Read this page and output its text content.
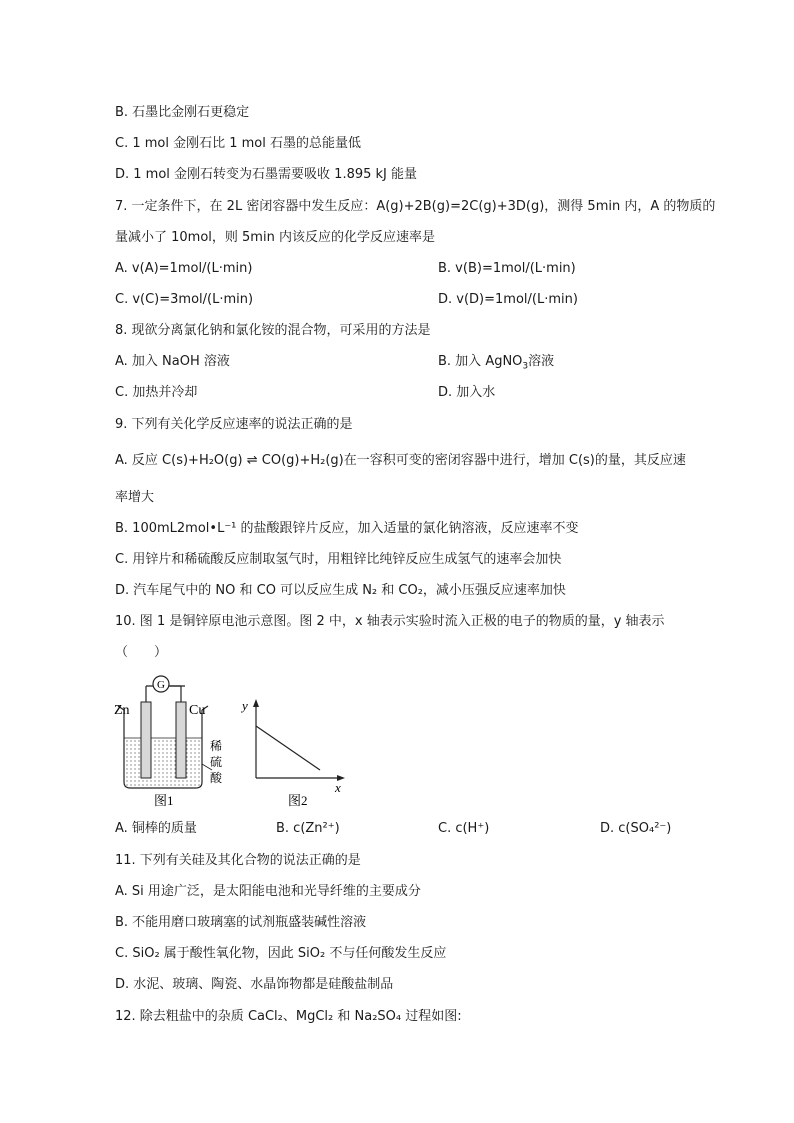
B. 石墨比金刚石更稳定
C. 1 mol 金刚石比 1 mol 石墨的总能量低
D. 1 mol 金刚石转变为石墨需要吸收 1.895 kJ 能量
7. 一定条件下，在 2L 密闭容器中发生反应：A(g)+2B(g)=2C(g)+3D(g)，测得 5min 内，A 的物质的
量减小了 10mol，则 5min 内该反应的化学反应速率是
A. v(A)=1mol/(L·min)	B. v(B)=1mol/(L·min)
C. v(C)=3mol/(L·min)	D. v(D)=1mol/(L·min)
8. 现欲分离氯化钠和氯化铵的混合物，可采用的方法是
A. 加入 NaOH 溶液	B. 加入 AgNO$_3$溶液
C. 加热并冷却	D. 加入水
9. 下列有关化学反应速率的说法正确的是
A. 反应 C(s)+H₂O(g) ⇌ CO(g)+H₂(g)在一容积可变的密闭容器中进行，增加 C(s)的量，其反应速
率增大
B. 100mL2mol•L⁻¹ 的盐酸跟锌片反应，加入适量的氯化钠溶液，反应速率不变
C. 用锌片和稀硫酸反应制取氢气时，用粗锌比纯锌反应生成氢气的速率会加快
D. 汽车尾气中的 NO 和 CO 可以反应生成 N₂ 和 CO₂，减小压强反应速率加快
10. 图 1 是铜锌原电池示意图。图 2 中，x 轴表示实验时流入正极的电子的物质的量，y 轴表示
（　　）
G
Zn	Cu
稀
硫
酸
图1
y
x
图2
A. 铜棒的质量	B. c(Zn²⁺)	C. c(H⁺)	D. c(SO₄²⁻)
11. 下列有关硅及其化合物的说法正确的是
A. Si 用途广泛，是太阳能电池和光导纤维的主要成分
B. 不能用磨口玻璃塞的试剂瓶盛装碱性溶液
C. SiO₂ 属于酸性氧化物，因此 SiO₂ 不与任何酸发生反应
D. 水泥、玻璃、陶瓷、水晶饰物都是硅酸盐制品
12. 除去粗盐中的杂质 CaCl₂、MgCl₂ 和 Na₂SO₄ 过程如图:
